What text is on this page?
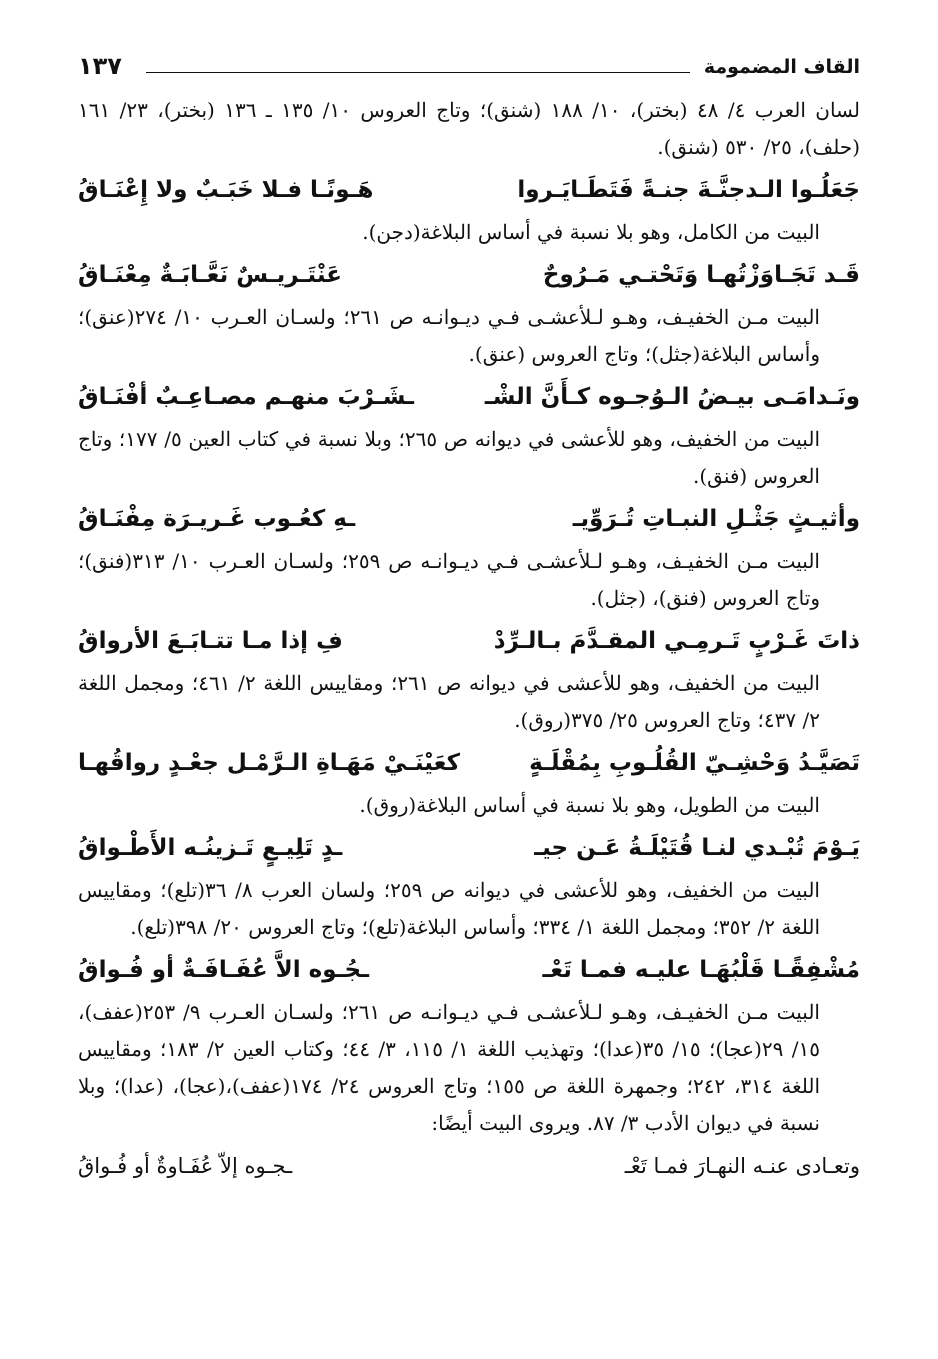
القاف المضمومة
١٣٧
لسان العرب ٤/ ٤٨ (بختر)، ١٠/ ١٨٨ (شنق)؛ وتاج العروس ١٠/ ١٣٥ ـ ١٣٦ (بختر)، ٢٣/ ١٦١ (حلف)، ٢٥/ ٥٣٠ (شنق).
جَعَلُـوا الـدجنَّـةَ جنـةً فَتَطَـايَـروا
هَـونًـا فـلا خَبَـبٌ ولا إِعْنَـاقُ
البيت من الكامل، وهو بلا نسبة في أساس البلاغة(دجن).
قَـد تَجَـاوَزْتُهـا وَتَحْتـي مَـرُوحٌ
عَنْتَـريـسٌ نَعَّـابَـةٌ مِعْنَـاقُ
البيت مـن الخفيـف، وهـو لـلأعشـى فـي ديـوانـه ص ٢٦١؛ ولسـان العـرب ١٠/ ٢٧٤(عنق)؛ وأساس البلاغة(جثل)؛ وتاج العروس (عنق).
ونَـدامَـى بيـضُ الـوُجـوه كـأَنَّ الشْـ
ـشَـرْبَ منهـم مصـاعِـبٌ أفْنَـاقُ
البيت من الخفيف، وهو للأعشى في ديوانه ص ٢٦٥؛ وبلا نسبة في كتاب العين ٥/ ١٧٧؛ وتاج العروس (فنق).
وأثيـثٍ جَثْـلِ النبـاتِ تُـرَوِّيـ
ـهِ كعُـوب غَـريـرَة مِفْنَـاقُ
البيت مـن الخفيـف، وهـو لـلأعشـى فـي ديـوانـه ص ٢٥٩؛ ولسـان العـرب ١٠/ ٣١٣(فنق)؛ وتاج العروس (فنق)، (جثل).
ذاتَ غَـرْبٍ تَـرمِـي المقـدَّمَ بـالـرِّدْ
فِ إذا مـا تتـابَـعَ الأرواقُ
البيت من الخفيف، وهو للأعشى في ديوانه ص ٢٦١؛ ومقاييس اللغة ٢/ ٤٦١؛ ومجمل اللغة ٢/ ٤٣٧؛ وتاج العروس ٢٥/ ٣٧٥(روق).
تَصَيَّـدُ وَحْشِـيّ القُلُـوبِ بِمُقْلَـةٍ
كعَيْنَـيْ مَهَـاةِ الـرَّمْـل جعْـدٍ رواقُهـا
البيت من الطويل، وهو بلا نسبة في أساس البلاغة(روق).
يَـوْمَ تُبْـدي لنـا قُتَيْلَـةُ عَـن جيـ
ـدٍ تَلِيـعٍ تَـزينُـه الأَطْـواقُ
البيت من الخفيف، وهو للأعشى في ديوانه ص ٢٥٩؛ ولسان العرب ٨/ ٣٦(تلع)؛ ومقاييس اللغة ٢/ ٣٥٢؛ ومجمل اللغة ١/ ٣٣٤؛ وأساس البلاغة(تلع)؛ وتاج العروس ٢٠/ ٣٩٨(تلع).
مُشْفِقًـا قَلْبُهَـا عليـه فمـا تَعْـ
ـجُـوه الاَّ عُفَـافَـةٌ أو فُـواقُ
البيت مـن الخفيـف، وهـو لـلأعشـى فـي ديـوانـه ص ٢٦١؛ ولسـان العـرب ٩/ ٢٥٣(عفف)، ١٥/ ٢٩(عجا)؛ ١٥/ ٣٥(عدا)؛ وتهذيب اللغة ١/ ١١٥، ٣/ ٤٤؛ وكتاب العين ٢/ ١٨٣؛ ومقاييس اللغة ٣١٤، ٢٤٢؛ وجمهرة اللغة ص ١٥٥؛ وتاج العروس ٢٤/ ١٧٤(عفف)،(عجا)، (عدا)؛ وبلا نسبة في ديوان الأدب ٣/ ٨٧. ويروى البيت أيضًا:
وتعـادى عنـه النهـارَ فمـا تَعْـ
ـجـوه إلاّ عُفَـاوةٌ أو فُـواقُ
